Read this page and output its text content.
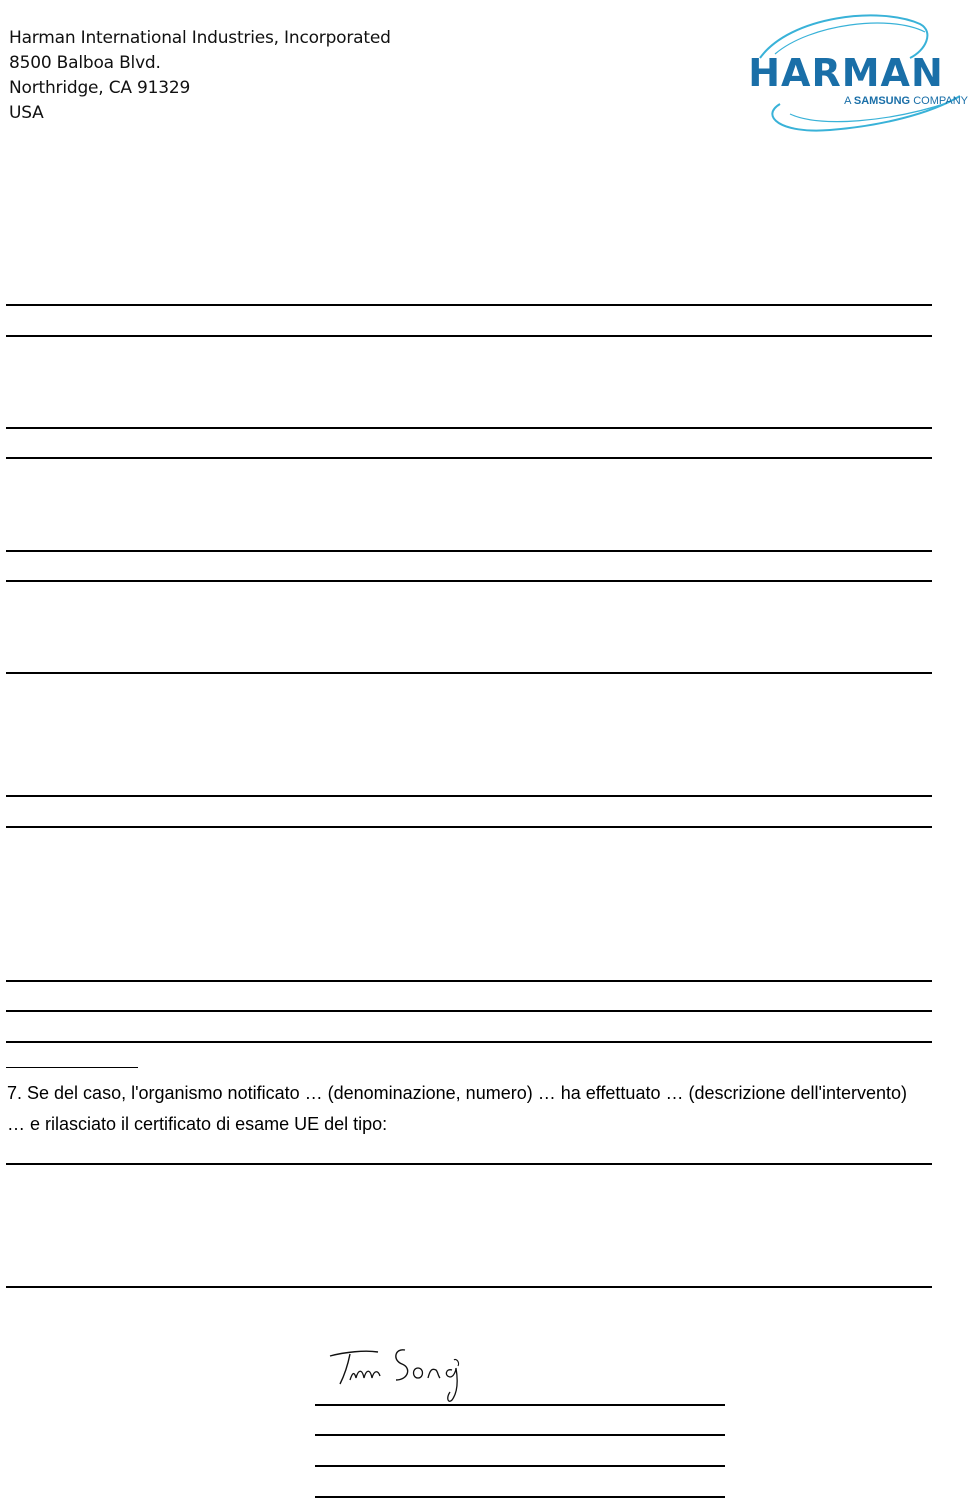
Harman International Industries, Incorporated
8500 Balboa Blvd.
Northridge, CA 91329
USA
HARMAN
A SAMSUNG COMPANY
7. Se del caso, l'organismo notificato … (denominazione, numero) … ha effettuato … (descrizione dell'intervento) … e rilasciato il certificato di esame UE del tipo:
